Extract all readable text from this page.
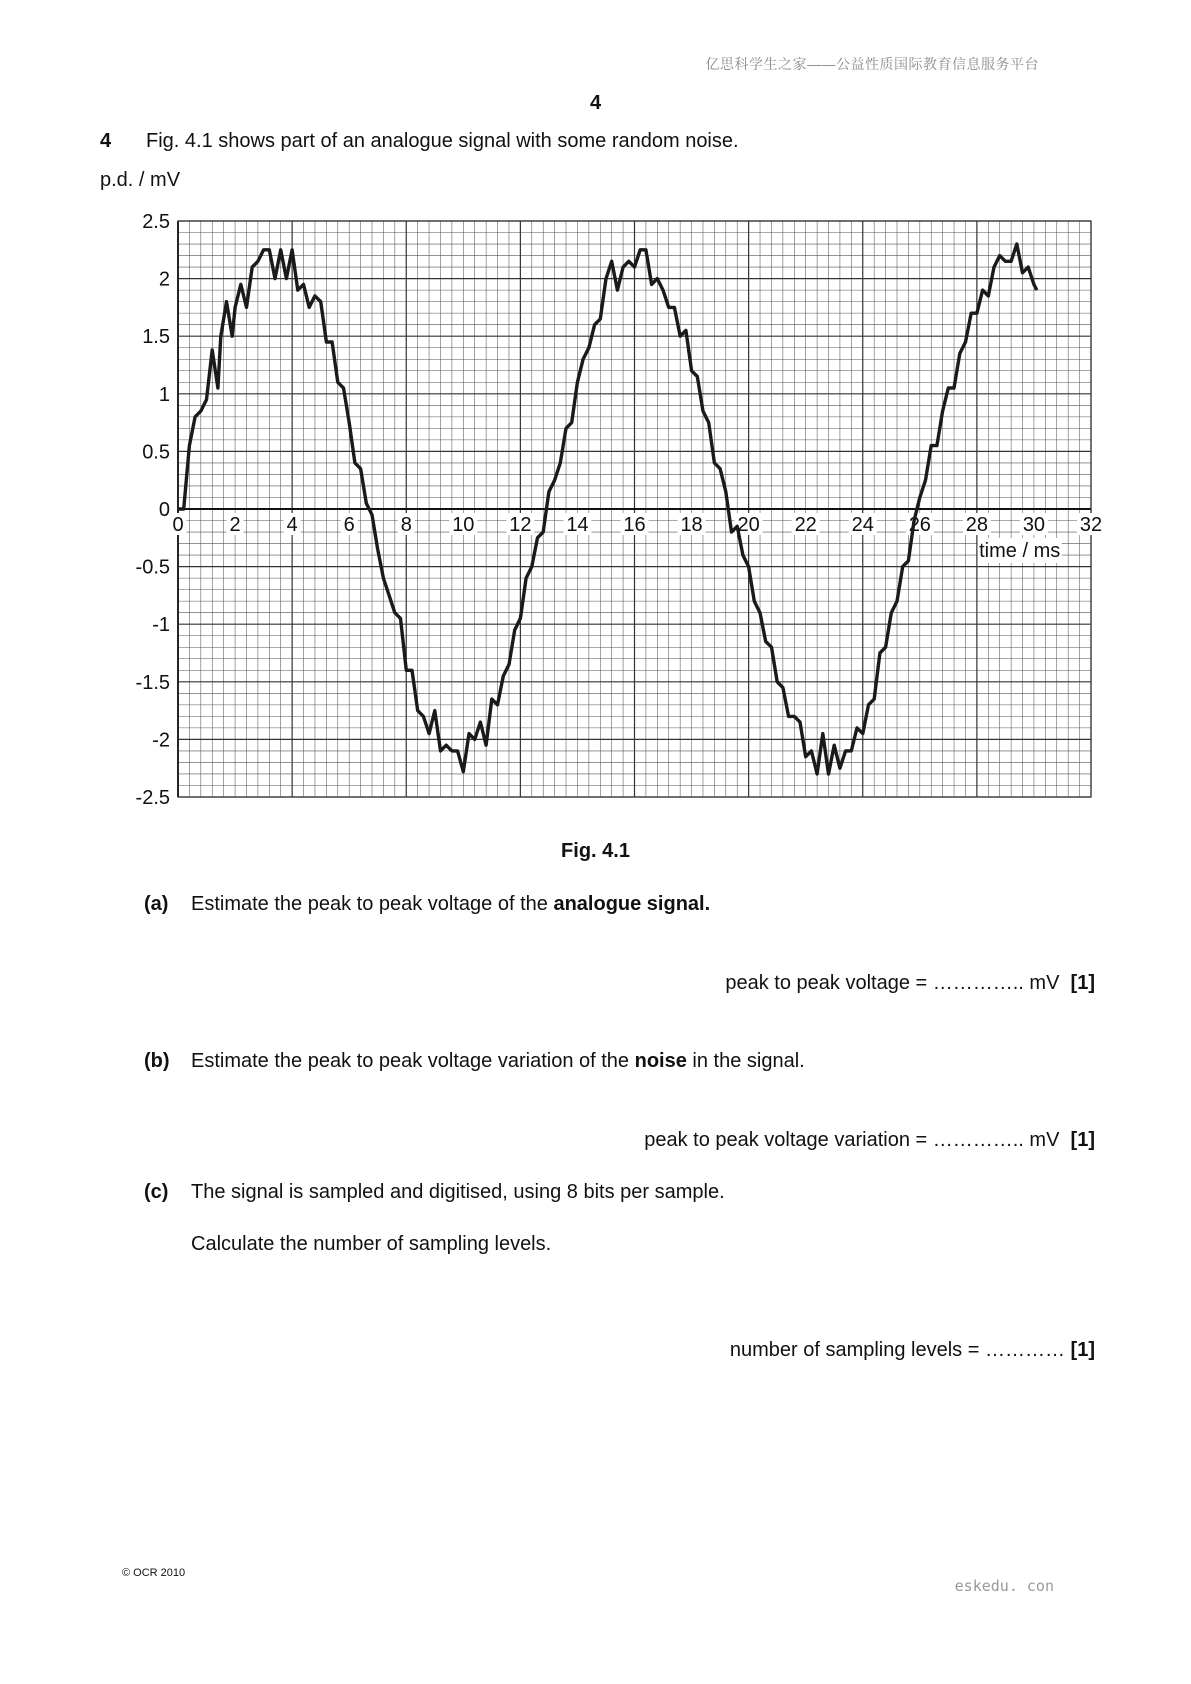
亿思科学生之家——公益性质国际教育信息服务平台
4
4 Fig. 4.1 shows part of an analogue signal with some random noise.
2.5
2
1.5
1
0.5
0
-0.5
-1
-1.5
-2
-2.5
0 2 4 6 8 10 12 14 16 18 20 22 24 26 28 30 32
p.d. / mV
time / ms
Fig. 4.1
(a) Estimate the peak to peak voltage of the analogue signal.
peak to peak voltage = ………….. mV [1]
(b) Estimate the peak to peak voltage variation of the noise in the signal.
peak to peak voltage variation = ………….. mV [1]
(c) The signal is sampled and digitised, using 8 bits per sample.
Calculate the number of sampling levels.
number of sampling levels = ………… [1]
© OCR 2010
eskedu. con
